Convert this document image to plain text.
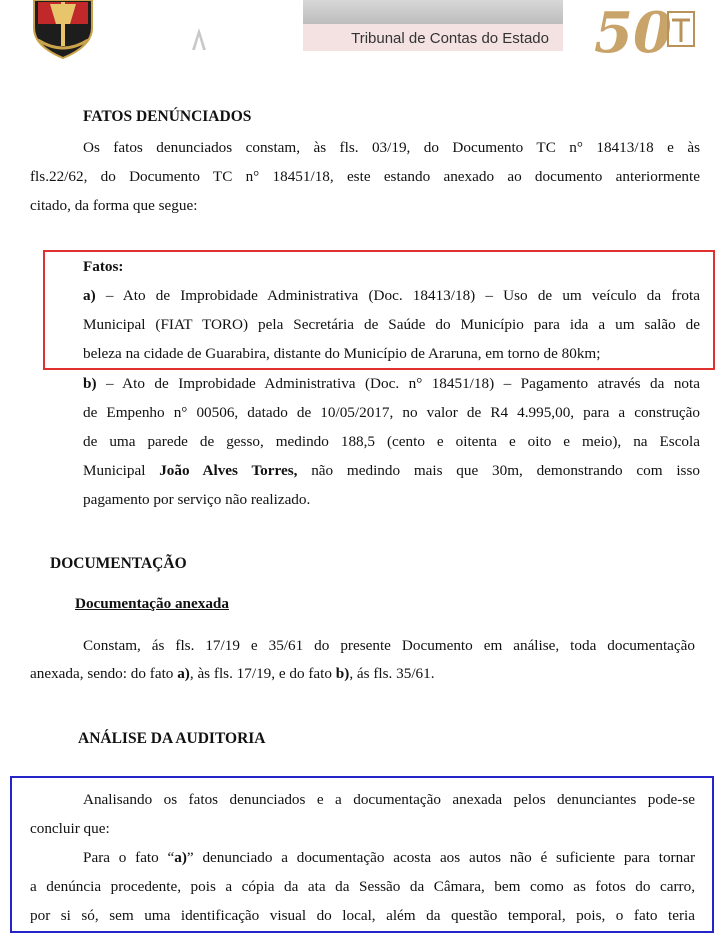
Tribunal de Contas do Estado 50
FATOS DENÚNCIADOS
Os fatos denunciados constam, às fls. 03/19, do Documento TC n° 18413/18 e às
fls.22/62, do Documento TC n° 18451/18, este estando anexado ao documento anteriormente
citado, da forma que segue:
Fatos:
a) – Ato de Improbidade Administrativa (Doc. 18413/18) – Uso de um veículo da frota
Municipal (FIAT TORO) pela Secretária de Saúde do Município para ida a um salão de
beleza na cidade de Guarabira, distante do Município de Araruna, em torno de 80km;
b) – Ato de Improbidade Administrativa (Doc. n° 18451/18) – Pagamento através da nota
de Empenho n° 00506, datado de 10/05/2017, no valor de R4 4.995,00, para a construção
de uma parede de gesso, medindo 188,5 (cento e oitenta e oito e meio), na Escola
Municipal João Alves Torres, não medindo mais que 30m, demonstrando com isso
pagamento por serviço não realizado.
DOCUMENTAÇÃO
Documentação anexada
Constam, ás fls. 17/19 e 35/61 do presente Documento em análise, toda documentação
anexada, sendo: do fato a), às fls. 17/19, e do fato b), ás fls. 35/61.
ANÁLISE DA AUDITORIA
Analisando os fatos denunciados e a documentação anexada pelos denunciantes pode-se
concluir que:
Para o fato “a)” denunciado a documentação acosta aos autos não é suficiente para tornar
a denúncia procedente, pois a cópia da ata da Sessão da Câmara, bem como as fotos do carro,
por si só, sem uma identificação visual do local, além da questão temporal, pois, o fato teria
